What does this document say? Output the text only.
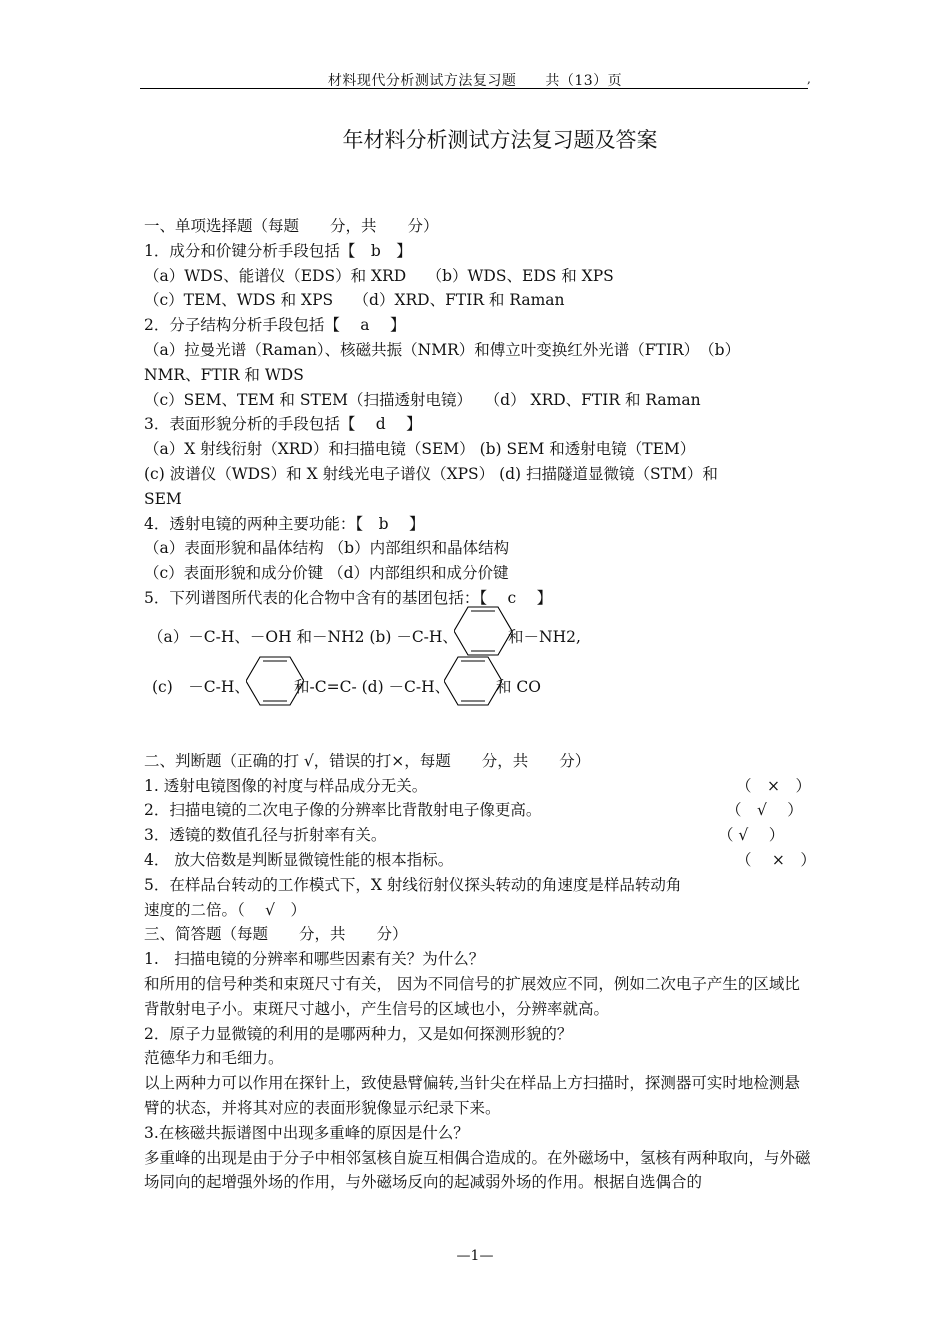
材料现代分析测试方法复习题　　共（13）页	,
年材料分析测试方法复习题及答案
一、单项选择题（每题　　分，共　　分）
1．成分和价键分析手段包括【　b　】
（a）WDS、能谱仪（EDS）和 XRD　 （b）WDS、EDS 和 XPS
（c）TEM、WDS 和 XPS　 （d）XRD、FTIR 和 Raman
2．分子结构分析手段包括【　 a　 】
（a）拉曼光谱（Raman）、核磁共振（NMR）和傅立叶变换红外光谱（FTIR）　（b）
NMR、FTIR 和 WDS
（c）SEM、TEM 和 STEM（扫描透射电镜）　 （d） XRD、FTIR 和 Raman
3．表面形貌分析的手段包括【　 d　 】
（a）X 射线衍射（XRD）和扫描电镜（SEM） (b) SEM 和透射电镜（TEM）
(c) 波谱仪（WDS）和 X 射线光电子谱仪（XPS） (d) 扫描隧道显微镜（STM）和
SEM
4．透射电镜的两种主要功能：【　b　 】
（a）表面形貌和晶体结构 （b）内部组织和晶体结构
（c）表面形貌和成分价键 （d）内部组织和成分价键
5．下列谱图所代表的化合物中含有的基团包括：【　 c　 】
（a）－C-H、－OH 和－NH2 (b) －C-H、	和－NH2,
(c)　－C-H、	和-C=C- (d) －C-H、	和 CO
二、判断题（正确的打 √，错误的打×，每题　　分，共　　分）
1. 透射电镜图像的衬度与样品成分无关。	（　×　）
2．扫描电镜的二次电子像的分辨率比背散射电子像更高。	（　√　 ）
3．透镜的数值孔径与折射率有关。	（ √　 ）
4． 放大倍数是判断显微镜性能的根本指标。	（　 ×　）
5．在样品台转动的工作模式下，X 射线衍射仪探头转动的角速度是样品转动角
速度的二倍。（　 √　）
三、简答题（每题　　分，共　　分）
1.　扫描电镜的分辨率和哪些因素有关？为什么？
和所用的信号种类和束斑尺寸有关， 因为不同信号的扩展效应不同，例如二次电子产生的区域比背散射电子小。束斑尺寸越小，产生信号的区域也小，分辨率就高。
2．原子力显微镜的利用的是哪两种力，又是如何探测形貌的？
范德华力和毛细力。
以上两种力可以作用在探针上，致使悬臂偏转,当针尖在样品上方扫描时，探测器可实时地检测悬臂的状态，并将其对应的表面形貌像显示纪录下来。
3.在核磁共振谱图中出现多重峰的原因是什么？
多重峰的出现是由于分子中相邻氢核自旋互相偶合造成的。在外磁场中，氢核有两种取向，与外磁场同向的起增强外场的作用，与外磁场反向的起减弱外场的作用。根据自选偶合的
—1—
